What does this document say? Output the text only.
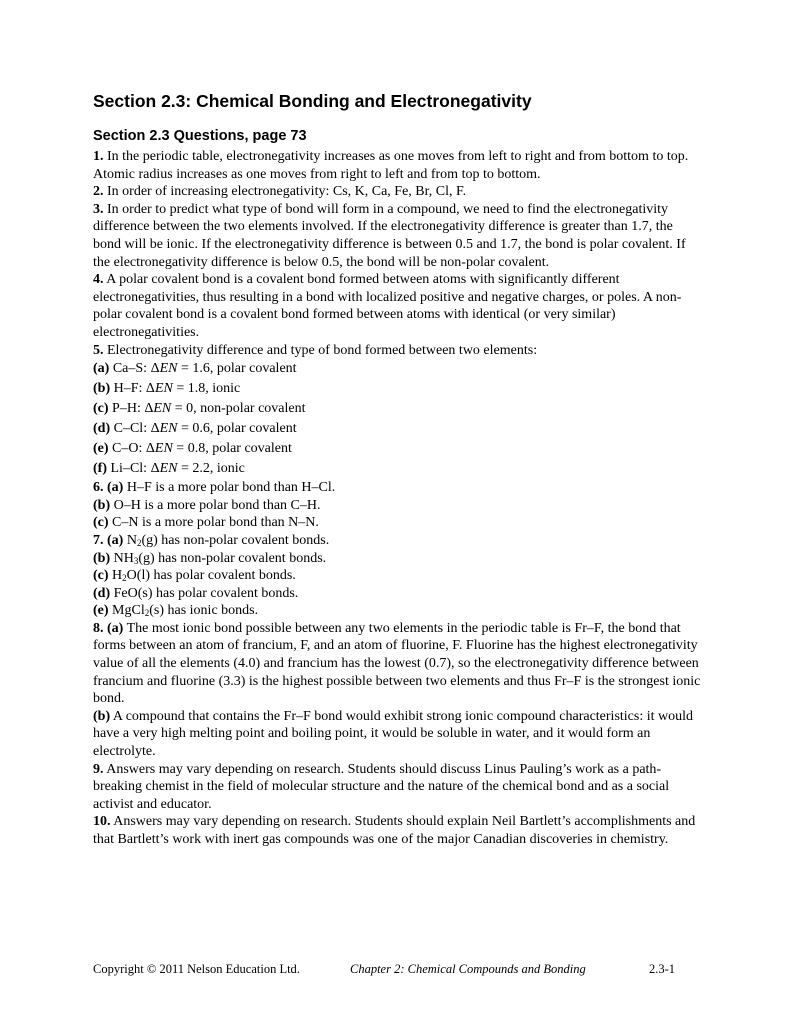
Section 2.3: Chemical Bonding and Electronegativity
Section 2.3 Questions, page 73

1. In the periodic table, electronegativity increases as one moves from left to right and from bottom to top. Atomic radius increases as one moves from right to left and from top to bottom.

2. In order of increasing electronegativity: Cs, K, Ca, Fe, Br, Cl, F.

3. In order to predict what type of bond will form in a compound, we need to find the electronegativity difference between the two elements involved. If the electronegativity difference is greater than 1.7, the bond will be ionic. If the electronegativity difference is between 0.5 and 1.7, the bond is polar covalent. If the electronegativity difference is below 0.5, the bond will be non-polar covalent.

4. A polar covalent bond is a covalent bond formed between atoms with significantly different electronegativities, thus resulting in a bond with localized positive and negative charges, or poles. A non-polar covalent bond is a covalent bond formed between atoms with identical (or very similar) electronegativities.

5. Electronegativity difference and type of bond formed between two elements:

(a) Ca–S: ΔEN = 1.6, polar covalent
(b) H–F: ΔEN = 1.8, ionic
(c) P–H: ΔEN = 0, non-polar covalent
(d) C–Cl: ΔEN = 0.6, polar covalent
(e) C–O: ΔEN = 0.8, polar covalent
(f) Li–Cl: ΔEN = 2.2, ionic

6. (a) H–F is a more polar bond than H–Cl.

(b) O–H is a more polar bond than C–H.

(c) C–N is a more polar bond than N–N.

7. (a) $N_2(g)$ has non-polar covalent bonds.

(b) $NH_3(g)$ has non-polar covalent bonds.

(c) $H_2O(l)$ has polar covalent bonds.

(d) FeO(s) has polar covalent bonds.

(e) MgCl$_2$(s) has ionic bonds.

8. (a) The most ionic bond possible between any two elements in the periodic table is Fr–F, the bond that forms between an atom of francium, F, and an atom of fluorine, F. Fluorine has the highest electronegativity value of all the elements (4.0) and francium has the lowest (0.7), so the electronegativity difference between francium and fluorine (3.3) is the highest possible between two elements and thus Fr–F is the strongest ionic bond.

(b) A compound that contains the Fr–F bond would exhibit strong ionic compound characteristics: it would have a very high melting point and boiling point, it would be soluble in water, and it would form an electrolyte.

9. Answers may vary depending on research. Students should discuss Linus Pauling’s work as a path-breaking chemist in the field of molecular structure and the nature of the chemical bond and as a social activist and educator.

10. Answers may vary depending on research. Students should explain Neil Bartlett’s accomplishments and that Bartlett’s work with inert gas compounds was one of the major Canadian discoveries in chemistry.

Copyright © 2011 Nelson Education Ltd.	Chapter 2: Chemical Compounds and Bonding	2.3-1
